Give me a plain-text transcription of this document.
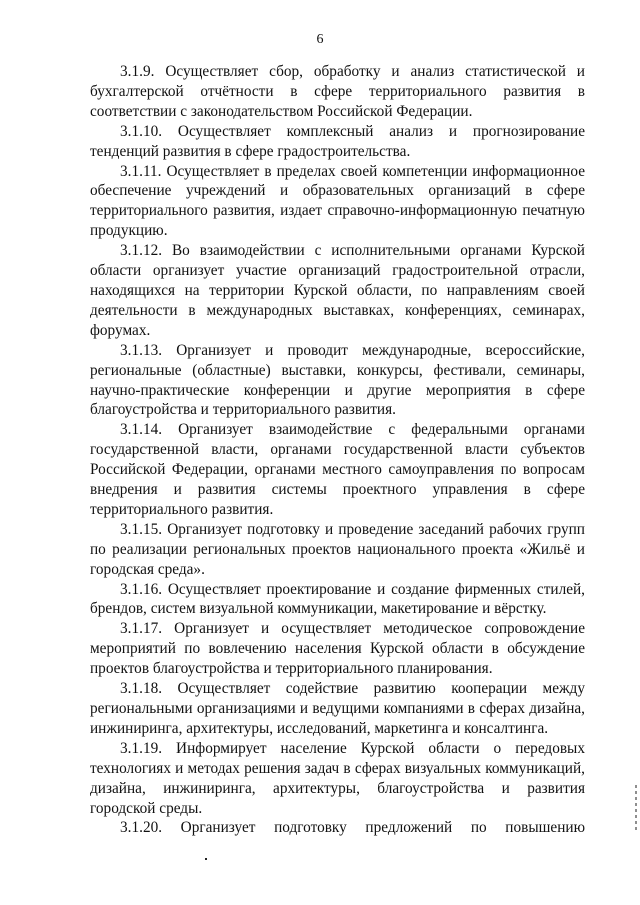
6

3.1.9. Осуществляет сбор, обработку и анализ статистической и бухгалтерской отчётности в сфере территориального развития в соответствии с законодательством Российской Федерации.

3.1.10. Осуществляет комплексный анализ и прогнозирование тенденций развития в сфере градостроительства.

3.1.11. Осуществляет в пределах своей компетенции информационное обеспечение учреждений и образовательных организаций в сфере территориального развития, издает справочно-информационную печатную продукцию.

3.1.12. Во взаимодействии с исполнительными органами Курской области организует участие организаций градостроительной отрасли, находящихся на территории Курской области, по направлениям своей деятельности в международных выставках, конференциях, семинарах, форумах.

3.1.13. Организует и проводит международные, всероссийские, региональные (областные) выставки, конкурсы, фестивали, семинары, научно-практические конференции и другие мероприятия в сфере благоустройства и территориального развития.

3.1.14. Организует взаимодействие с федеральными органами государственной власти, органами государственной власти субъектов Российской Федерации, органами местного самоуправления по вопросам внедрения и развития системы проектного управления в сфере территориального развития.

3.1.15. Организует подготовку и проведение заседаний рабочих групп по реализации региональных проектов национального проекта «Жильё и городская среда».

3.1.16. Осуществляет проектирование и создание фирменных стилей, брендов, систем визуальной коммуникации, макетирование и вёрстку.

3.1.17. Организует и осуществляет методическое сопровождение мероприятий по вовлечению населения Курской области в обсуждение проектов благоустройства и территориального планирования.

3.1.18. Осуществляет содействие развитию кооперации между региональными организациями и ведущими компаниями в сферах дизайна, инжиниринга, архитектуры, исследований, маркетинга и консалтинга.

3.1.19. Информирует население Курской области о передовых технологиях и методах решения задач в сферах визуальных коммуникаций, дизайна, инжиниринга, архитектуры, благоустройства и развития городской среды.

3.1.20. Организует подготовку предложений по повышению
